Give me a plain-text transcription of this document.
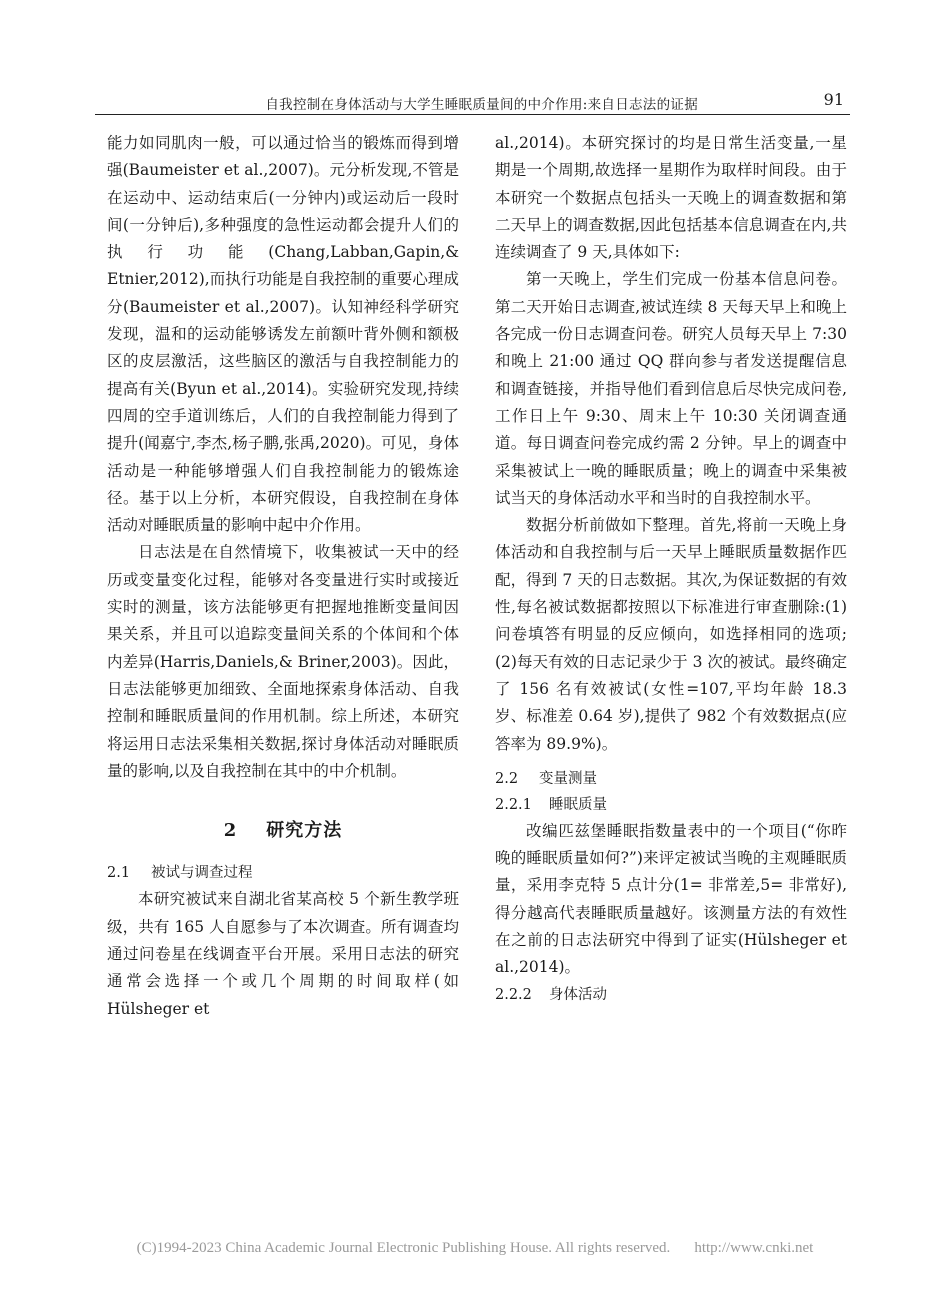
自我控制在身体活动与大学生睡眠质量间的中介作用:来自日志法的证据	91

能力如同肌肉一般，可以通过恰当的锻炼而得到增强(Baumeister et al.,2007)。元分析发现,不管是在运动中、运动结束后(一分钟内)或运动后一段时间(一分钟后),多种强度的急性运动都会提升人们的执行功能(Chang,Labban,Gapin,& Etnier,2012),而执行功能是自我控制的重要心理成分(Baumeister et al.,2007)。认知神经科学研究发现，温和的运动能够诱发左前额叶背外侧和额极区的皮层激活，这些脑区的激活与自我控制能力的提高有关(Byun et al.,2014)。实验研究发现,持续四周的空手道训练后，人们的自我控制能力得到了提升(闻嘉宁,李杰,杨子鹏,张禹,2020)。可见，身体活动是一种能够增强人们自我控制能力的锻炼途径。基于以上分析，本研究假设，自我控制在身体活动对睡眠质量的影响中起中介作用。

日志法是在自然情境下，收集被试一天中的经历或变量变化过程，能够对各变量进行实时或接近实时的测量，该方法能够更有把握地推断变量间因果关系，并且可以追踪变量间关系的个体间和个体内差异(Harris,Daniels,& Briner,2003)。因此，日志法能够更加细致、全面地探索身体活动、自我控制和睡眠质量间的作用机制。综上所述，本研究将运用日志法采集相关数据,探讨身体活动对睡眠质量的影响,以及自我控制在其中的中介机制。

2 研究方法
2.1 被试与调查过程

本研究被试来自湖北省某高校 5 个新生教学班级，共有 165 人自愿参与了本次调查。所有调查均通过问卷星在线调查平台开展。采用日志法的研究通常会选择一个或几个周期的时间取样(如 Hülsheger et

al.,2014)。本研究探讨的均是日常生活变量,一星期是一个周期,故选择一星期作为取样时间段。由于本研究一个数据点包括头一天晚上的调查数据和第二天早上的调查数据,因此包括基本信息调查在内,共连续调查了 9 天,具体如下:

第一天晚上，学生们完成一份基本信息问卷。第二天开始日志调查,被试连续 8 天每天早上和晚上各完成一份日志调查问卷。研究人员每天早上 7:30 和晚上 21:00 通过 QQ 群向参与者发送提醒信息和调查链接，并指导他们看到信息后尽快完成问卷,工作日上午 9:30、周末上午 10:30 关闭调查通道。每日调查问卷完成约需 2 分钟。早上的调查中采集被试上一晚的睡眠质量；晚上的调查中采集被试当天的身体活动水平和当时的自我控制水平。

数据分析前做如下整理。首先,将前一天晚上身体活动和自我控制与后一天早上睡眠质量数据作匹配，得到 7 天的日志数据。其次,为保证数据的有效性,每名被试数据都按照以下标准进行审查删除:(1)问卷填答有明显的反应倾向，如选择相同的选项;(2)每天有效的日志记录少于 3 次的被试。最终确定了 156 名有效被试(女性=107,平均年龄 18.3 岁、标准差 0.64 岁),提供了 982 个有效数据点(应答率为 89.9%)。

2.2 变量测量
2.2.1 睡眠质量

改编匹兹堡睡眠指数量表中的一个项目(“你昨晚的睡眠质量如何?”)来评定被试当晚的主观睡眠质量，采用李克特 5 点计分(1= 非常差,5= 非常好),得分越高代表睡眠质量越好。该测量方法的有效性在之前的日志法研究中得到了证实(Hülsheger et al.,2014)。

2.2.2 身体活动
(C)1994-2023 China Academic Journal Electronic Publishing House. All rights reserved. http://www.cnki.net
